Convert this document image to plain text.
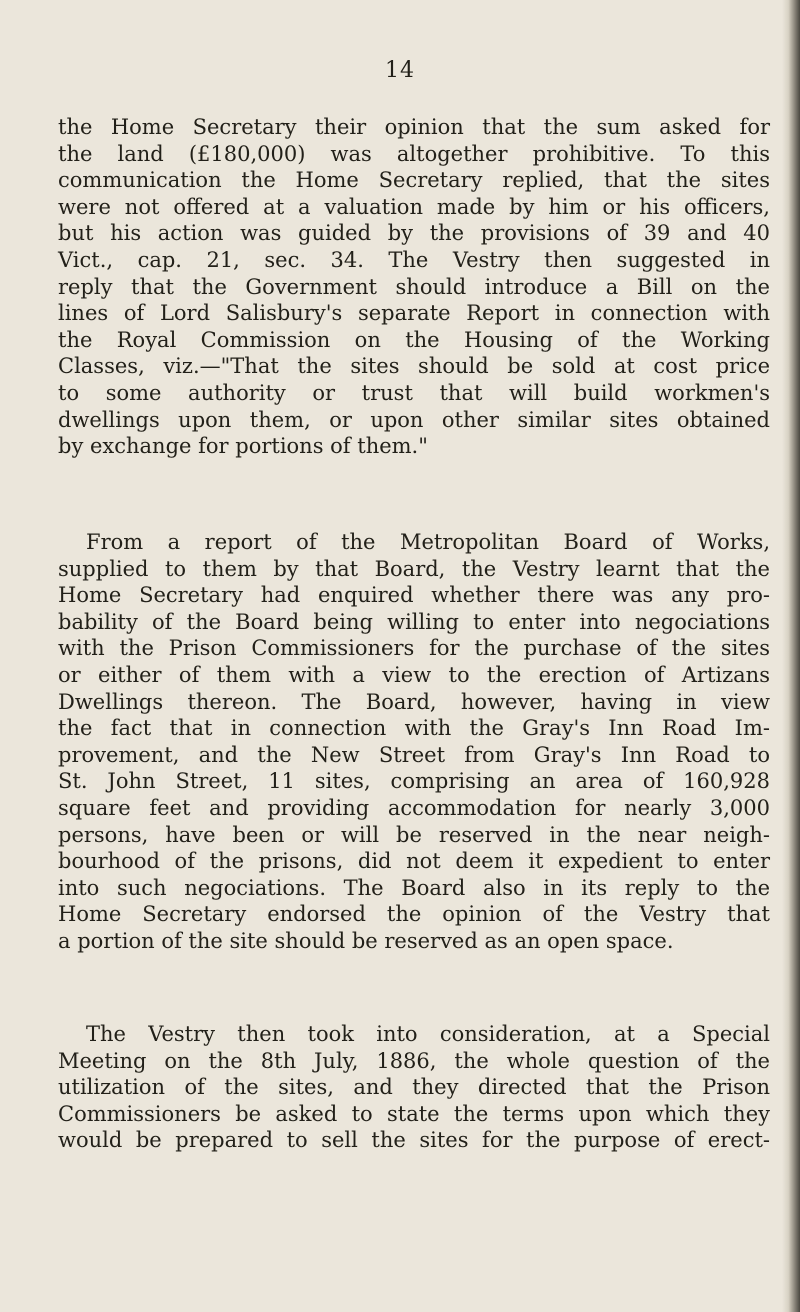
14
the Home Secretary their opinion that the sum asked for
the land (£180,000) was altogether prohibitive. To this
communication the Home Secretary replied, that the sites
were not offered at a valuation made by him or his officers,
but his action was guided by the provisions of 39 and 40
Vict., cap. 21, sec. 34. The Vestry then suggested in
reply that the Government should introduce a Bill on the
lines of Lord Salisbury's separate Report in connection with
the Royal Commission on the Housing of the Working
Classes, viz.—"That the sites should be sold at cost price
to some authority or trust that will build workmen's
dwellings upon them, or upon other similar sites obtained
by exchange for portions of them."
From a report of the Metropolitan Board of Works,
supplied to them by that Board, the Vestry learnt that the
Home Secretary had enquired whether there was any pro-
bability of the Board being willing to enter into negociations
with the Prison Commissioners for the purchase of the sites
or either of them with a view to the erection of Artizans
Dwellings thereon. The Board, however, having in view
the fact that in connection with the Gray's Inn Road Im-
provement, and the New Street from Gray's Inn Road to
St. John Street, 11 sites, comprising an area of 160,928
square feet and providing accommodation for nearly 3,000
persons, have been or will be reserved in the near neigh-
bourhood of the prisons, did not deem it expedient to enter
into such negociations. The Board also in its reply to the
Home Secretary endorsed the opinion of the Vestry that
a portion of the site should be reserved as an open space.
The Vestry then took into consideration, at a Special
Meeting on the 8th July, 1886, the whole question of the
utilization of the sites, and they directed that the Prison
Commissioners be asked to state the terms upon which they
would be prepared to sell the sites for the purpose of erect-
